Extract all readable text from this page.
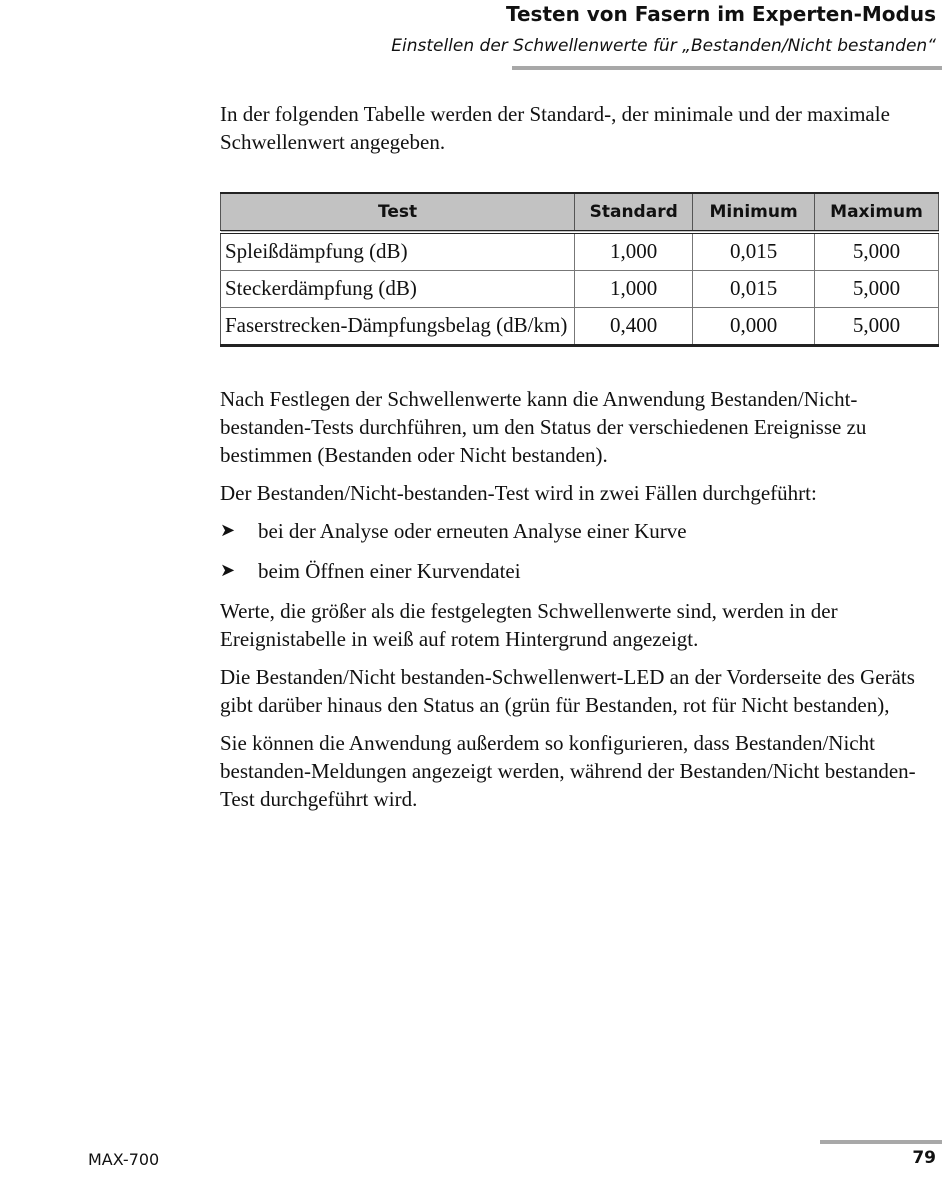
Testen von Fasern im Experten-Modus
Einstellen der Schwellenwerte für „Bestanden/Nicht bestanden“

In der folgenden Tabelle werden der Standard-, der minimale und der maximale Schwellenwert angegeben.

Test	Standard	Minimum	Maximum
Spleißdämpfung (dB)	1,000	0,015	5,000
Steckerdämpfung (dB)	1,000	0,015	5,000
Faserstrecken-Dämpfungsbelag (dB/km)	0,400	0,000	5,000

Nach Festlegen der Schwellenwerte kann die Anwendung Bestanden/Nicht-bestanden-Tests durchführen, um den Status der verschiedenen Ereignisse zu bestimmen (Bestanden oder Nicht bestanden).

Der Bestanden/Nicht-bestanden-Test wird in zwei Fällen durchgeführt:

➤ bei der Analyse oder erneuten Analyse einer Kurve
➤ beim Öffnen einer Kurvendatei

Werte, die größer als die festgelegten Schwellenwerte sind, werden in der Ereignistabelle in weiß auf rotem Hintergrund angezeigt.

Die Bestanden/Nicht bestanden-Schwellenwert-LED an der Vorderseite des Geräts gibt darüber hinaus den Status an (grün für Bestanden, rot für Nicht bestanden),

Sie können die Anwendung außerdem so konfigurieren, dass Bestanden/Nicht bestanden-Meldungen angezeigt werden, während der Bestanden/Nicht bestanden-Test durchgeführt wird.

MAX-700	79
